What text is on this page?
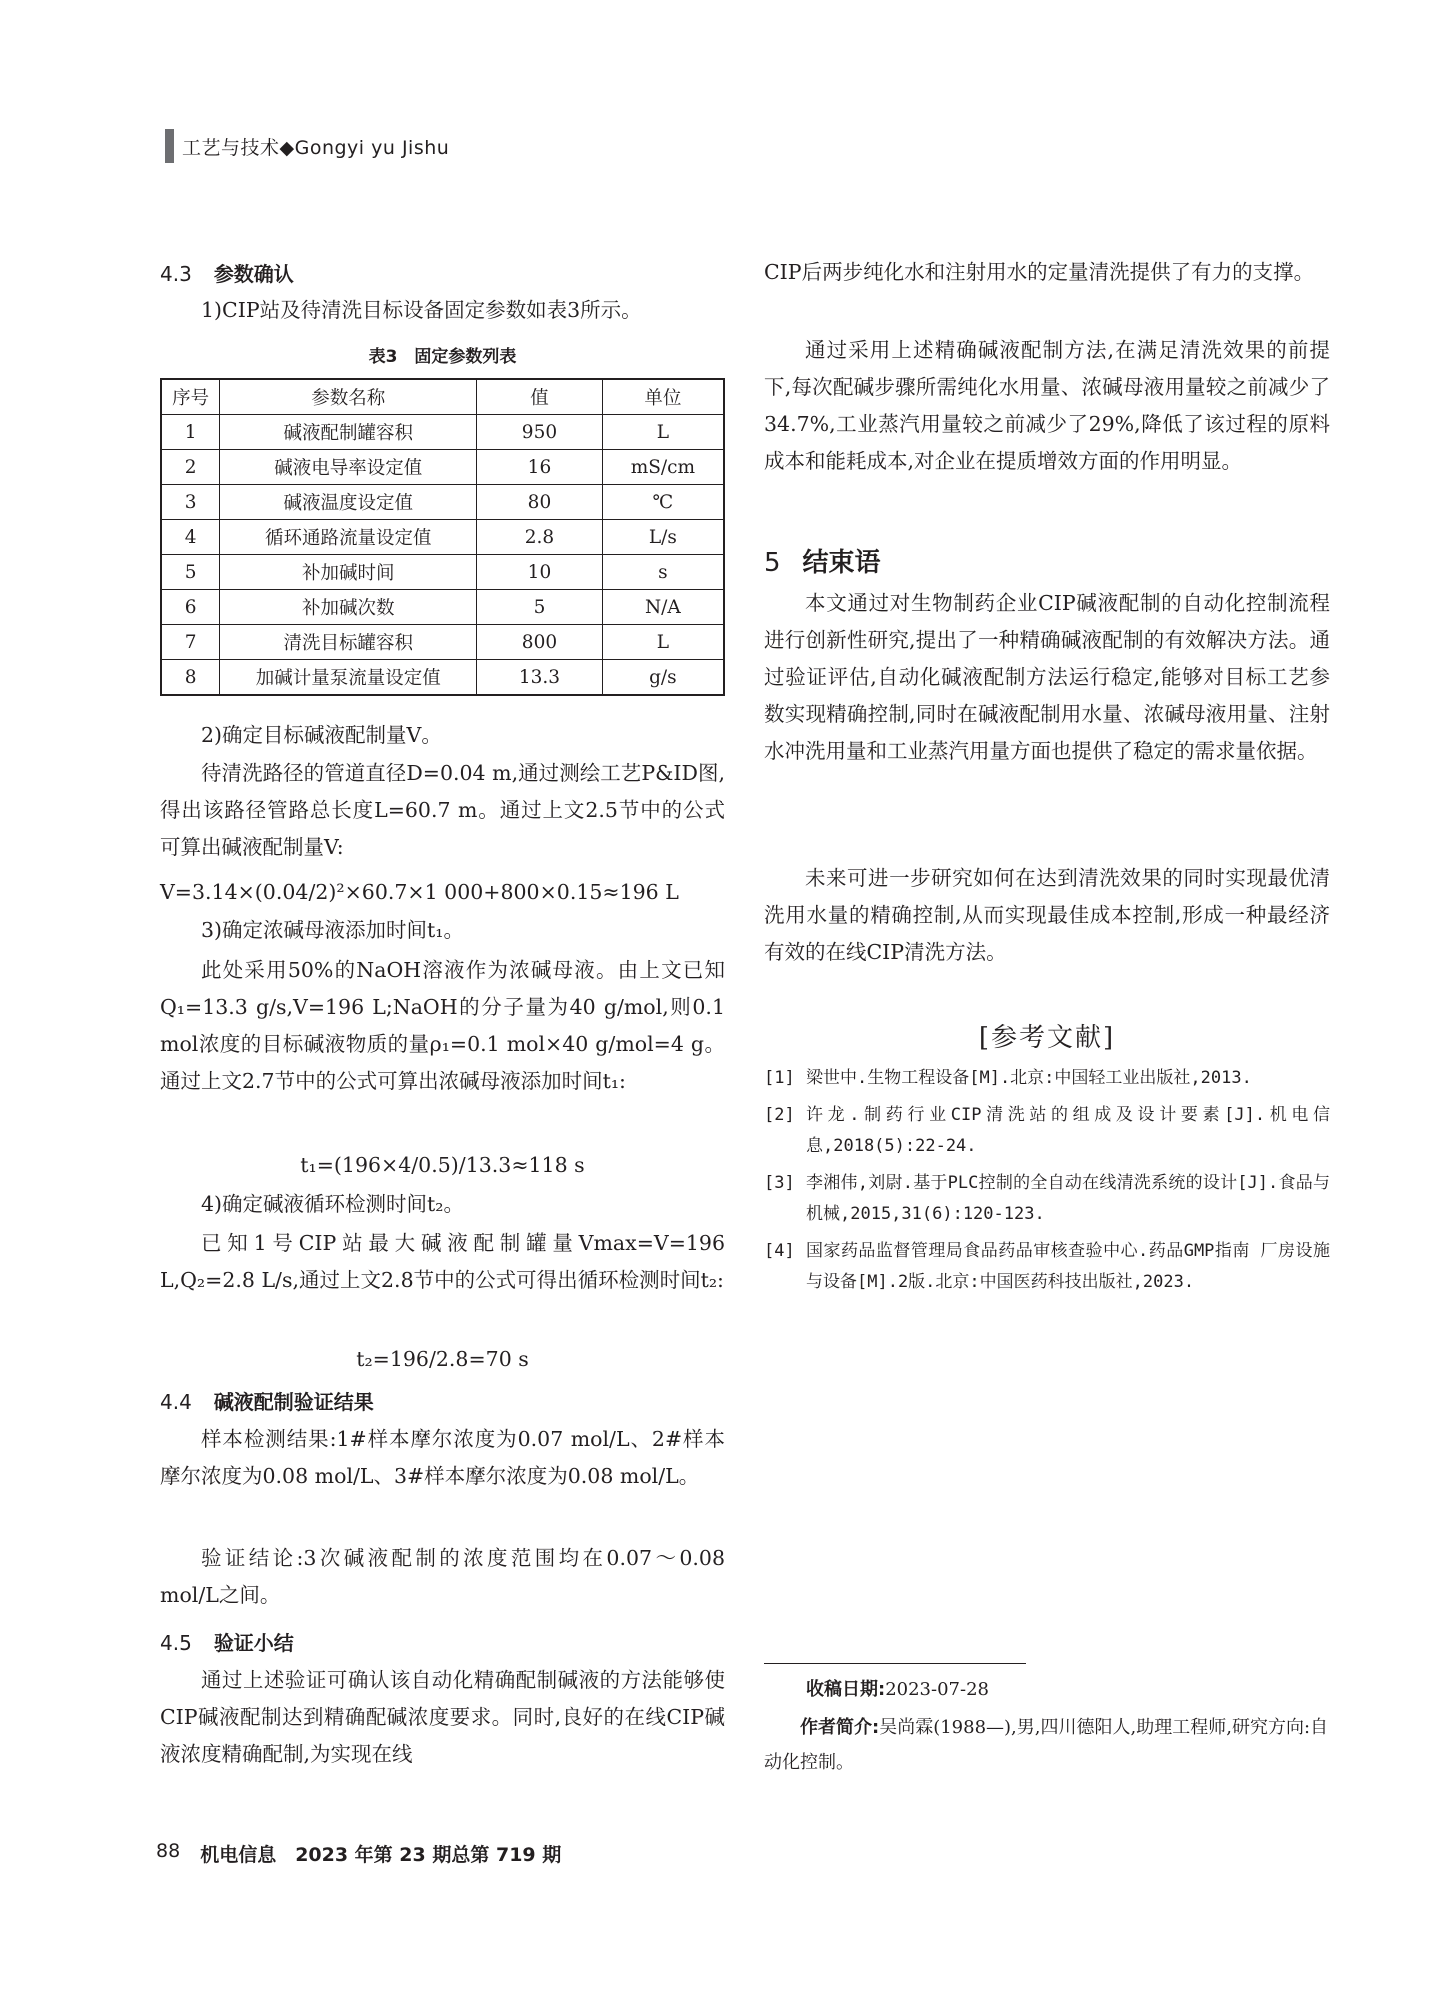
工艺与技术◆Gongyi yu Jishu
4.3 参数确认

1)CIP站及待清洗目标设备固定参数如表3所示。

表3　固定参数列表
序号	参数名称	值	单位
1	碱液配制罐容积	950	L
2	碱液电导率设定值	16	mS/cm
3	碱液温度设定值	80	℃
4	循环通路流量设定值	2.8	L/s
5	补加碱时间	10	s
6	补加碱次数	5	N/A
7	清洗目标罐容积	800	L
8	加碱计量泵流量设定值	13.3	g/s

2)确定目标碱液配制量V。

待清洗路径的管道直径D=0.04 m,通过测绘工艺P&ID图,得出该路径管路总长度L=60.7 m。通过上文2.5节中的公式可算出碱液配制量V:

V=3.14×(0.04/2)²×60.7×1 000+800×0.15≈196 L

3)确定浓碱母液添加时间t₁。

此处采用50%的NaOH溶液作为浓碱母液。由上文已知Q₁=13.3 g/s,V=196 L;NaOH的分子量为40 g/mol,则0.1 mol浓度的目标碱液物质的量ρ₁=0.1 mol×40 g/mol=4 g。通过上文2.7节中的公式可算出浓碱母液添加时间t₁:

t₁=(196×4/0.5)/13.3≈118 s

4)确定碱液循环检测时间t₂。

已知1号CIP站最大碱液配制罐量Vmax=V=196 L,Q₂=2.8 L/s,通过上文2.8节中的公式可得出循环检测时间t₂:

t₂=196/2.8=70 s

4.4 碱液配制验证结果

样本检测结果:1#样本摩尔浓度为0.07 mol/L、2#样本摩尔浓度为0.08 mol/L、3#样本摩尔浓度为0.08 mol/L。

验证结论:3次碱液配制的浓度范围均在0.07～0.08 mol/L之间。

4.5 验证小结

通过上述验证可确认该自动化精确配制碱液的方法能够使CIP碱液配制达到精确配碱浓度要求。同时,良好的在线CIP碱液浓度精确配制,为实现在线

CIP后两步纯化水和注射用水的定量清洗提供了有力的支撑。

通过采用上述精确碱液配制方法,在满足清洗效果的前提下,每次配碱步骤所需纯化水用量、浓碱母液用量较之前减少了34.7%,工业蒸汽用量较之前减少了29%,降低了该过程的原料成本和能耗成本,对企业在提质增效方面的作用明显。

5 结束语

本文通过对生物制药企业CIP碱液配制的自动化控制流程进行创新性研究,提出了一种精确碱液配制的有效解决方法。通过验证评估,自动化碱液配制方法运行稳定,能够对目标工艺参数实现精确控制,同时在碱液配制用水量、浓碱母液用量、注射水冲洗用量和工业蒸汽用量方面也提供了稳定的需求量依据。

未来可进一步研究如何在达到清洗效果的同时实现最优清洗用水量的精确控制,从而实现最佳成本控制,形成一种最经济有效的在线CIP清洗方法。

[参考文献]
[1] 梁世中.生物工程设备[M].北京:中国轻工业出版社,2013.
[2] 许龙.制药行业CIP清洗站的组成及设计要素[J].机电信息,2018(5):22-24.
[3] 李湘伟,刘尉.基于PLC控制的全自动在线清洗系统的设计[J].食品与机械,2015,31(6):120-123.
[4] 国家药品监督管理局食品药品审核查验中心.药品GMP指南 厂房设施与设备[M].2版.北京:中国医药科技出版社,2023.

收稿日期:2023-07-28

作者简介:吴尚霖(1988—),男,四川德阳人,助理工程师,研究方向:自动化控制。

88 机电信息　2023 年第 23 期总第 719 期
